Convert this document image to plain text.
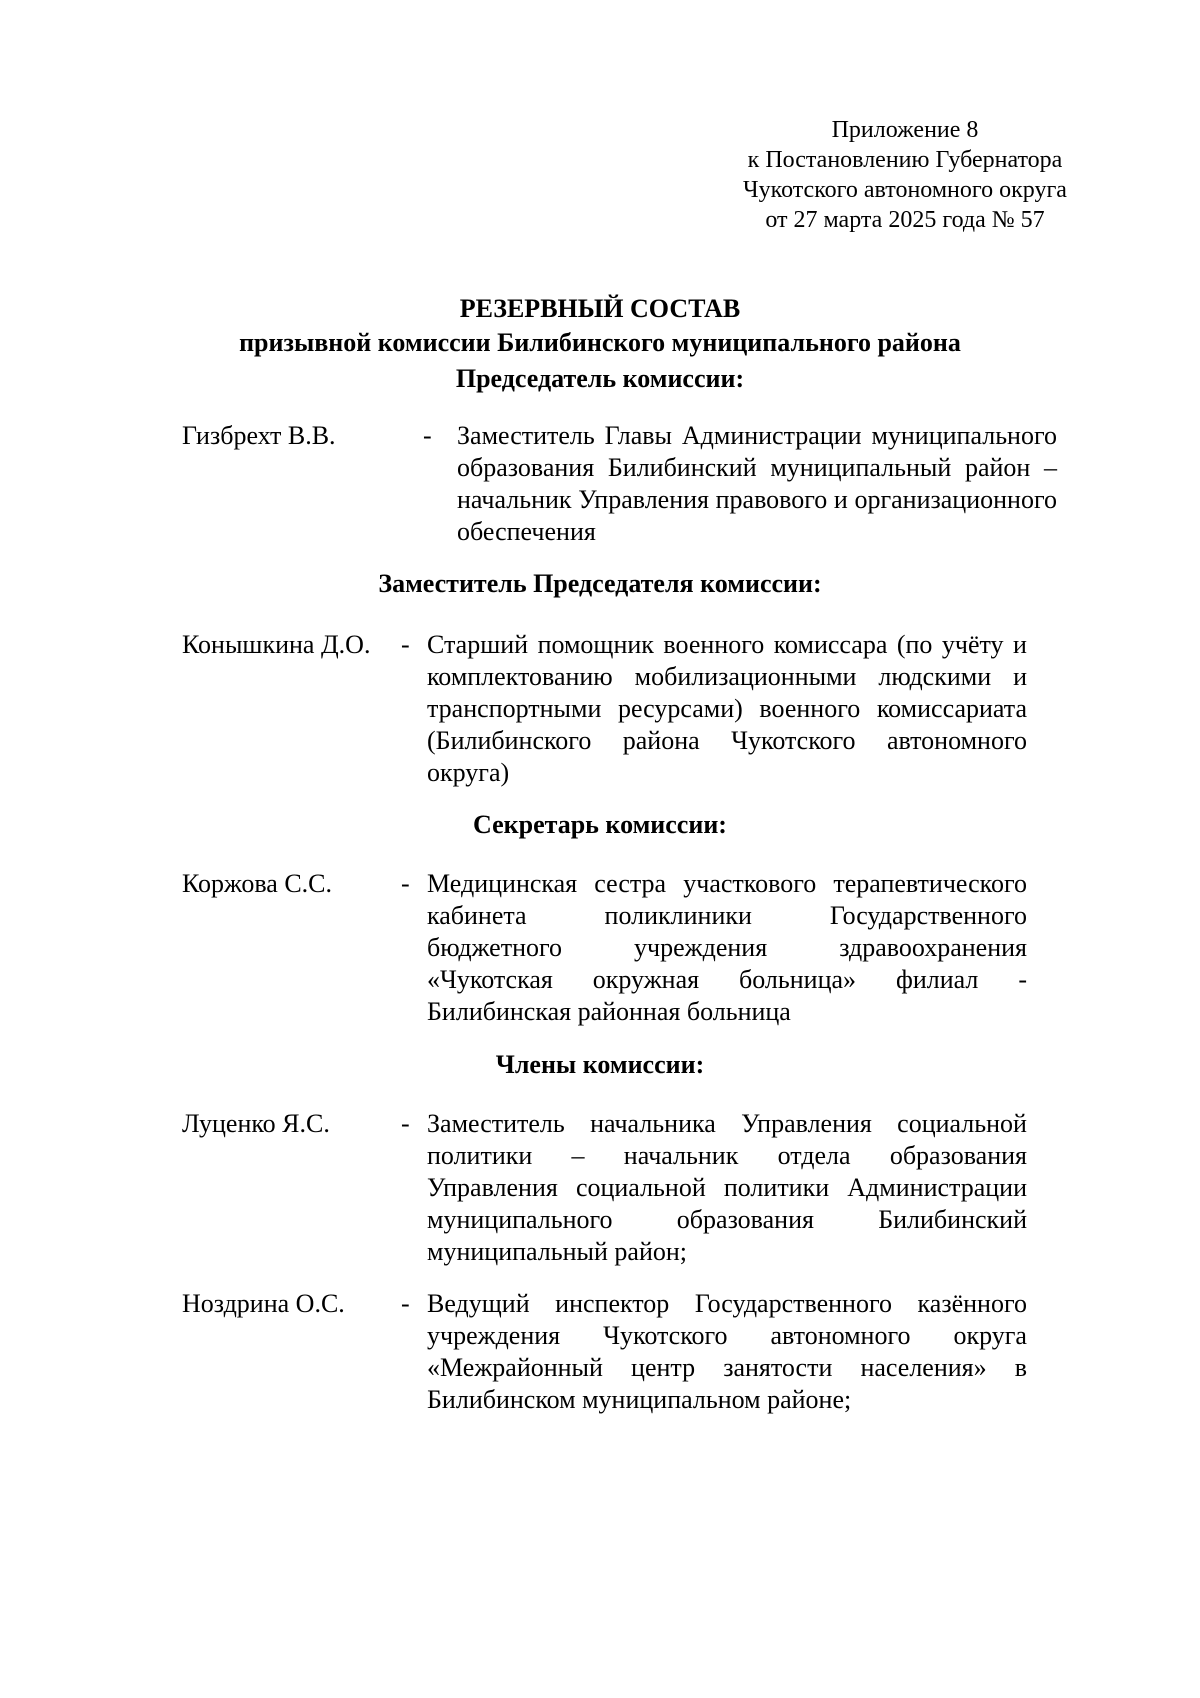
Приложение 8
к Постановлению Губернатора
Чукотского автономного округа
от 27 марта 2025 года № 57
РЕЗЕРВНЫЙ СОСТАВ
призывной комиссии Билибинского муниципального района
Председатель комиссии:
Гизбрехт В.В.	- Заместитель Главы Администрации муниципального
образования Билибинский муниципальный район –
начальник Управления правового и организационного
обеспечения
Заместитель Председателя комиссии:
Конышкина Д.О. - Старший помощник военного комиссара (по учёту и
комплектованию мобилизационными людскими и
транспортными ресурсами) военного комиссариата
(Билибинского района Чукотского автономного
округа)
Секретарь комиссии:
Коржова С.С.	- Медицинская сестра участкового терапевтического
кабинета	поликлиники	Государственного
бюджетного	учреждения	здравоохранения
«Чукотская окружная больница» филиал -
Билибинская районная больница
Члены комиссии:
Луценко Я.С.	- Заместитель начальника Управления социальной
политики – начальник отдела образования
Управления социальной политики Администрации
муниципального образования Билибинский
муниципальный район;
Ноздрина О.С. - Ведущий инспектор Государственного казённого
учреждения Чукотского автономного округа
«Межрайонный центр занятости населения» в
Билибинском муниципальном районе;
